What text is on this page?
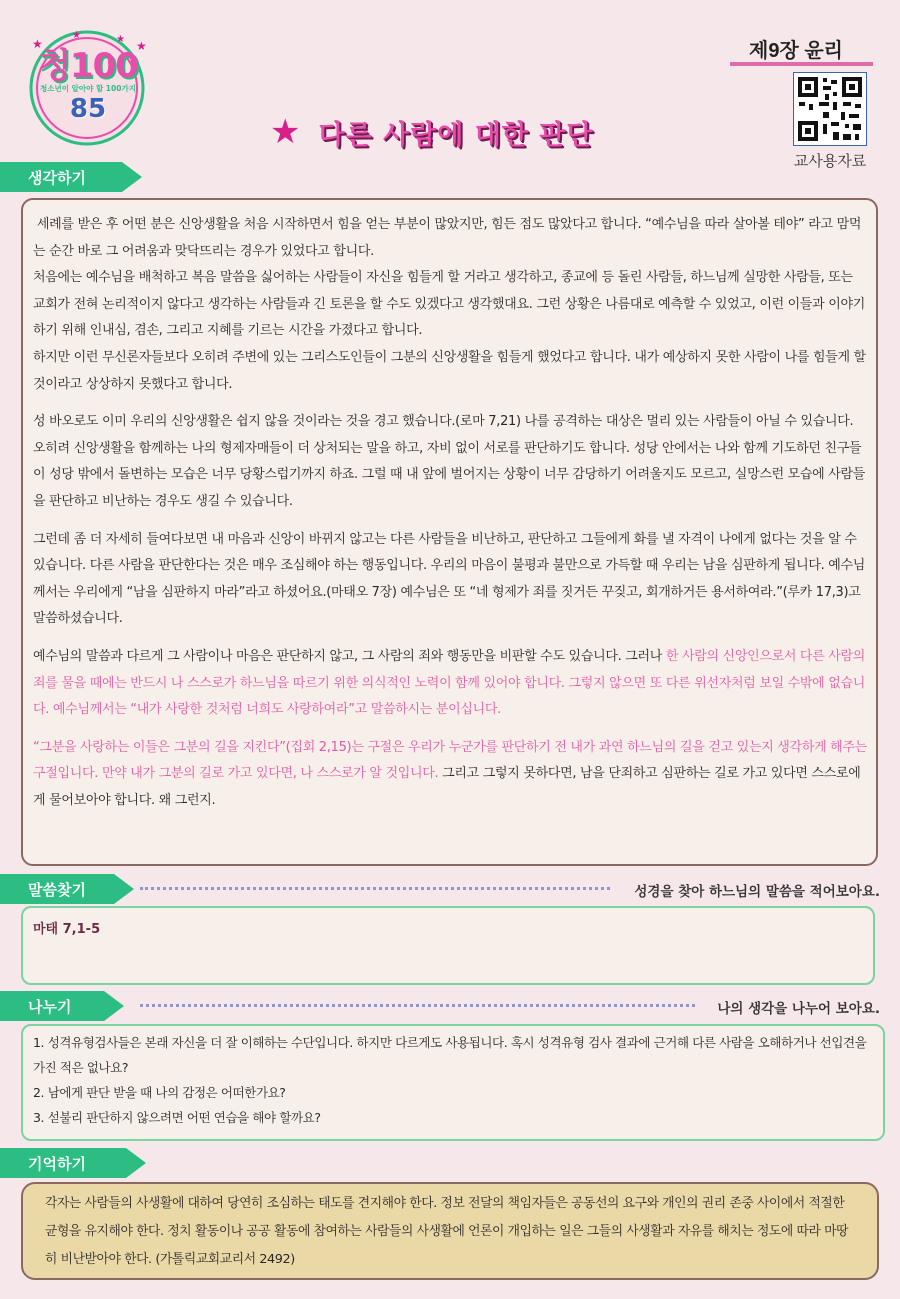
★
★	★ ★
청100
청소년이 알아야 할 100가지
85
제9장 윤리
교사용자료
★ 다른 사람에 대한 판단
생각하기

세례를 받은 후 어떤 분은 신앙생활을 처음 시작하면서 힘을 얻는 부분이 많았지만, 힘든 점도 많았다고 합니다. “예수님을 따라 살아볼 테야” 라고 맘먹는 순간 바로 그 어려움과 맞닥뜨리는 경우가 있었다고 합니다.
처음에는 예수님을 배척하고 복음 말씀을 싫어하는 사람들이 자신을 힘들게 할 거라고 생각하고, 종교에 등 돌린 사람들, 하느님께 실망한 사람들, 또는 교회가 전혀 논리적이지 않다고 생각하는 사람들과 긴 토론을 할 수도 있겠다고 생각했대요. 그런 상황은 나름대로 예측할 수 있었고, 이런 이들과 이야기하기 위해 인내심, 겸손, 그리고 지혜를 기르는 시간을 가졌다고 합니다.
하지만 이런 무신론자들보다 오히려 주변에 있는 그리스도인들이 그분의 신앙생활을 힘들게 했었다고 합니다. 내가 예상하지 못한 사람이 나를 힘들게 할 것이라고 상상하지 못했다고 합니다.

성 바오로도 이미 우리의 신앙생활은 쉽지 않을 것이라는 것을 경고 했습니다.(로마 7,21) 나를 공격하는 대상은 멀리 있는 사람들이 아닐 수 있습니다. 오히려 신앙생활을 함께하는 나의 형제자매들이 더 상처되는 말을 하고, 자비 없이 서로를 판단하기도 합니다. 성당 안에서는 나와 함께 기도하던 친구들이 성당 밖에서 돌변하는 모습은 너무 당황스럽기까지 하죠. 그럴 때 내 앞에 벌어지는 상황이 너무 감당하기 어려울지도 모르고, 실망스런 모습에 사람들을 판단하고 비난하는 경우도 생길 수 있습니다.

그런데 좀 더 자세히 들여다보면 내 마음과 신앙이 바뀌지 않고는 다른 사람들을 비난하고, 판단하고 그들에게 화를 낼 자격이 나에게 없다는 것을 알 수 있습니다. 다른 사람을 판단한다는 것은 매우 조심해야 하는 행동입니다. 우리의 마음이 불평과 불만으로 가득할 때 우리는 남을 심판하게 됩니다. 예수님께서는 우리에게 “남을 심판하지 마라”라고 하셨어요.(마태오 7장) 예수님은 또 “네 형제가 죄를 짓거든 꾸짖고, 회개하거든 용서하여라.”(루카 17,3)고 말씀하셨습니다.

예수님의 말씀과 다르게 그 사람이나 마음은 판단하지 않고, 그 사람의 죄와 행동만을 비판할 수도 있습니다. 그러나 한 사람의 신앙인으로서 다른 사람의 죄를 물을 때에는 반드시 나 스스로가 하느님을 따르기 위한 의식적인 노력이 함께 있어야 합니다. 그렇지 않으면 또 다른 위선자처럼 보일 수밖에 없습니다. 예수님께서는 “내가 사랑한 것처럼 너희도 사랑하여라”고 말씀하시는 분이십니다.

“그분을 사랑하는 이들은 그분의 길을 지킨다”(집회 2,15)는 구절은 우리가 누군가를 판단하기 전 내가 과연 하느님의 길을 걷고 있는지 생각하게 해주는 구절입니다. 만약 내가 그분의 길로 가고 있다면, 나 스스로가 알 것입니다. 그리고 그렇지 못하다면, 남을 단죄하고 심판하는 길로 가고 있다면 스스로에게 물어보아야 합니다. 왜 그런지.

말씀찾기	성경을 찾아 하느님의 말씀을 적어보아요.
마태 7,1-5
나누기	나의 생각을 나누어 보아요.

1. 성격유형검사들은 본래 자신을 더 잘 이해하는 수단입니다. 하지만 다르게도 사용됩니다. 혹시 성격유형 검사 결과에 근거해 다른 사람을 오해하거나 선입견을 가진 적은 없나요?

2. 남에게 판단 받을 때 나의 감정은 어떠한가요?

3. 섣불리 판단하지 않으려면 어떤 연습을 해야 할까요?

기억하기

각자는 사람들의 사생활에 대하여 당연히 조심하는 태도를 견지해야 한다. 정보 전달의 책임자들은 공동선의 요구와 개인의 권리 존중 사이에서 적절한 균형을 유지해야 한다. 정치 활동이나 공공 활동에 참여하는 사람들의 사생활에 언론이 개입하는 일은 그들의 사생활과 자유를 해치는 정도에 따라 마땅히 비난받아야 한다. (가톨릭교회교리서 2492)
